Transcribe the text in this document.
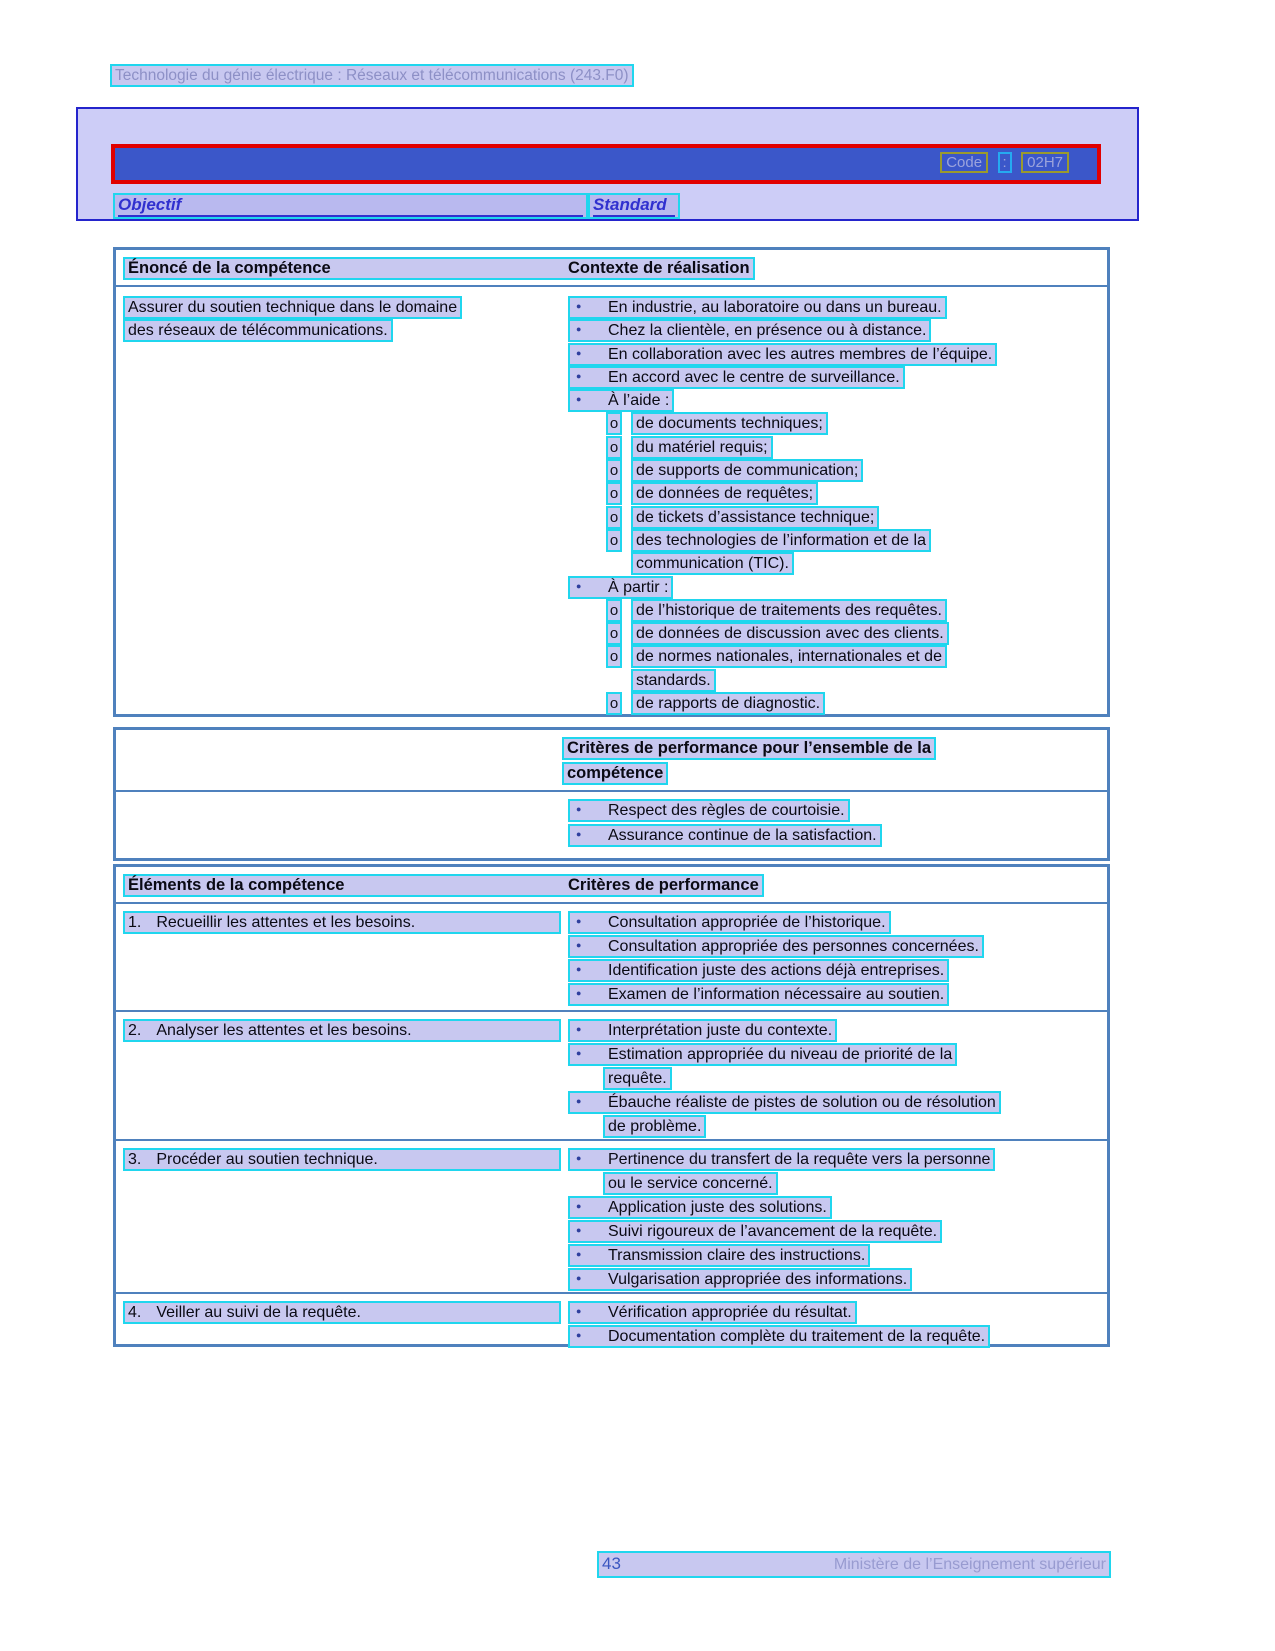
Technologie du génie électrique : Réseaux et télécommunications (243.F0)
Code : 02H7
Objectif	Standard
Énoncé de la compétence	Contexte de réalisation
Assurer du soutien technique dans le domaine
des réseaux de télécommunications.
●En industrie, au laboratoire ou dans un bureau.
●Chez la clientèle, en présence ou à distance.
●En collaboration avec les autres membres de l’équipe.
●En accord avec le centre de surveillance.
●À l’aide :
ode documents techniques;
odu matériel requis;
ode supports de communication;
ode données de requêtes;
ode tickets d’assistance technique;
odes technologies de l’information et de la
communication (TIC).
●À partir :
ode l’historique de traitements des requêtes.
ode données de discussion avec des clients.
ode normes nationales, internationales et de
standards.
ode rapports de diagnostic.
Critères de performance pour l’ensemble de la
compétence
●Respect des règles de courtoisie.
●Assurance continue de la satisfaction.
Éléments de la compétence	Critères de performance
1. Recueillir les attentes et les besoins. ●	Consultation appropriée de l’historique.
●Consultation appropriée des personnes concernées.
●Identification juste des actions déjà entreprises.
●Examen de l’information nécessaire au soutien.
2. Analyser les attentes et les besoins. ●	Interprétation juste du contexte.
●Estimation appropriée du niveau de priorité de la
requête.
●Ébauche réaliste de pistes de solution ou de résolution
de problème.
3. Procéder au soutien technique. ●	Pertinence du transfert de la requête vers la personne
ou le service concerné.
●Application juste des solutions.
●Suivi rigoureux de l’avancement de la requête.
●Transmission claire des instructions.
●Vulgarisation appropriée des informations.
4. Veiller au suivi de la requête. ●	Vérification appropriée du résultat.
●Documentation complète du traitement de la requête.
43	Ministère de l’Enseignement supérieur
